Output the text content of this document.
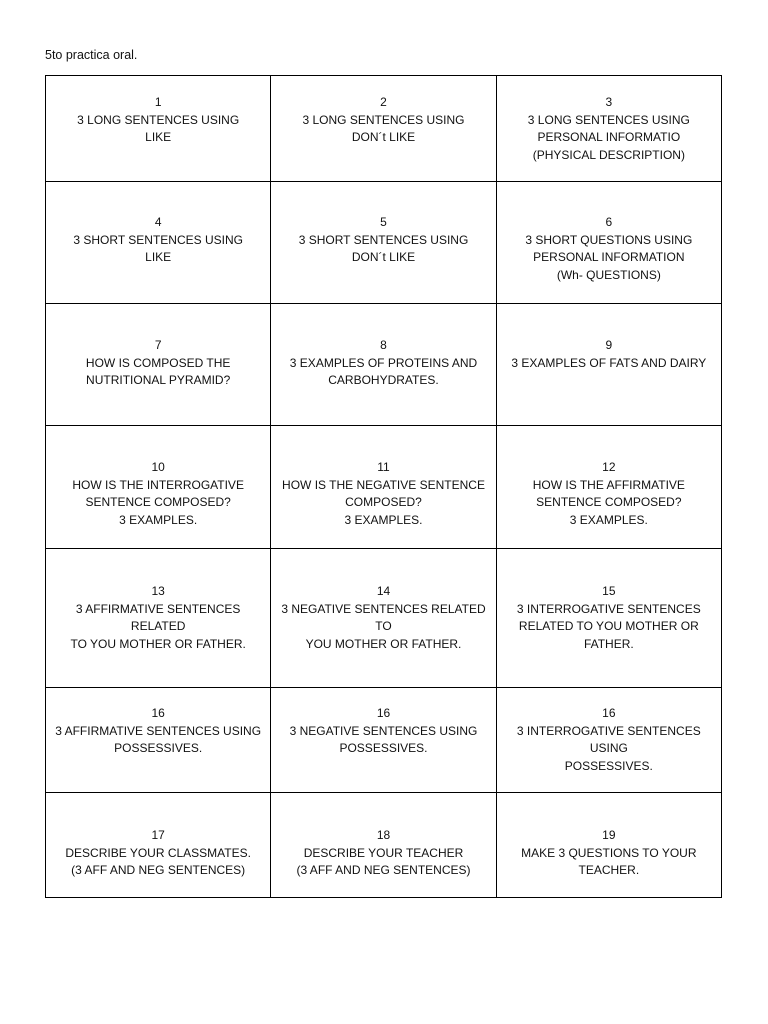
5to practica oral.
1
3 LONG SENTENCES USING
LIKE	2
3 LONG SENTENCES USING
DON´t LIKE	3
3 LONG SENTENCES USING
PERSONAL INFORMATIO
(PHYSICAL DESCRIPTION)

4
3 SHORT SENTENCES USING
LIKE	5
3 SHORT SENTENCES USING
DON´t LIKE	6
3 SHORT QUESTIONS USING
PERSONAL INFORMATION
(Wh- QUESTIONS)

7
HOW IS COMPOSED THE
NUTRITIONAL PYRAMID?	8
3 EXAMPLES OF PROTEINS AND
CARBOHYDRATES.	9
3 EXAMPLES OF FATS AND DAIRY

10
HOW IS THE INTERROGATIVE
SENTENCE COMPOSED?
3 EXAMPLES.	11
HOW IS THE NEGATIVE SENTENCE
COMPOSED?
3 EXAMPLES.	12
HOW IS THE AFFIRMATIVE
SENTENCE COMPOSED?
3 EXAMPLES.

13
3 AFFIRMATIVE SENTENCES RELATED
TO YOU MOTHER OR FATHER.	14
3 NEGATIVE SENTENCES RELATED TO
YOU MOTHER OR FATHER.	15
3 INTERROGATIVE SENTENCES
RELATED TO YOU MOTHER OR
FATHER.

16
3 AFFIRMATIVE SENTENCES USING
POSSESSIVES.	16
3 NEGATIVE SENTENCES USING
POSSESSIVES.	16
3 INTERROGATIVE SENTENCES USING
POSSESSIVES.

17
DESCRIBE YOUR CLASSMATES.
(3 AFF AND NEG SENTENCES)	18
DESCRIBE YOUR TEACHER
(3 AFF AND NEG SENTENCES)	19
MAKE 3 QUESTIONS TO YOUR
TEACHER.
